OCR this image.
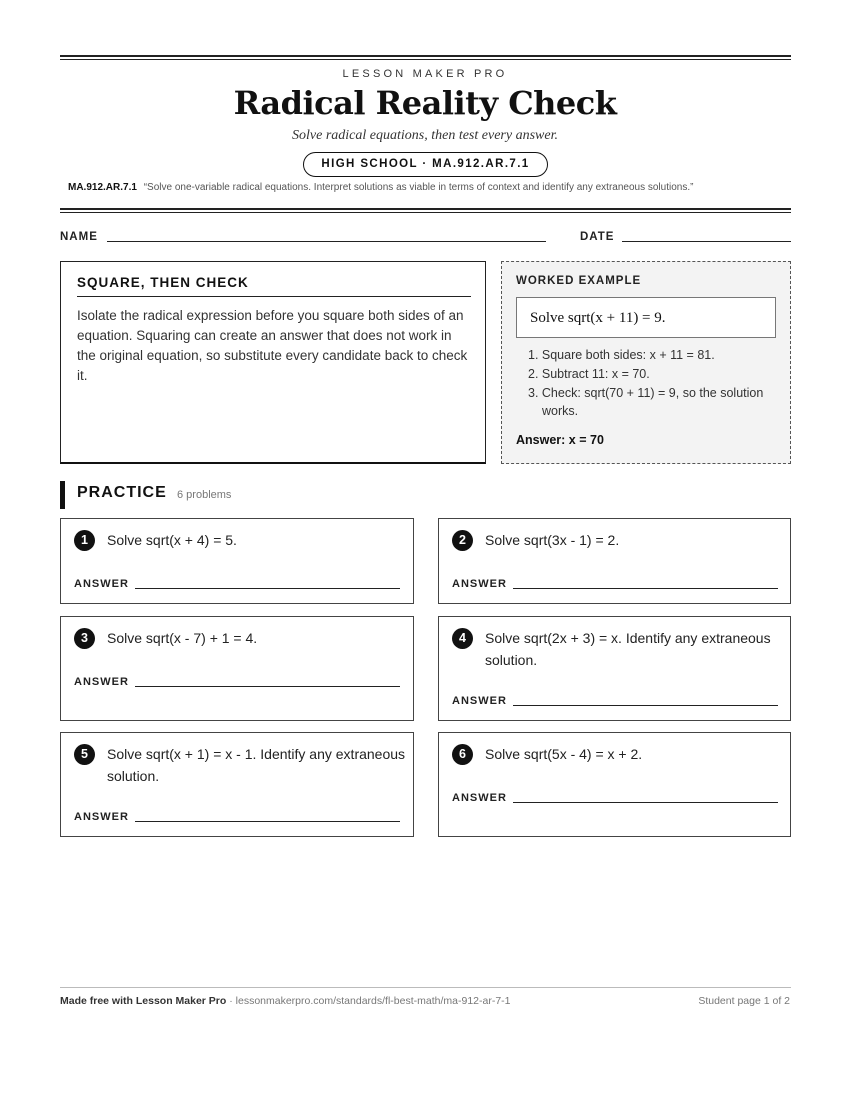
LESSON MAKER PRO
Radical Reality Check
Solve radical equations, then test every answer.
HIGH SCHOOL · MA.912.AR.7.1
MA.912.AR.7.1 “Solve one-variable radical equations. Interpret solutions as viable in terms of context and identify any extraneous solutions.”
NAME	DATE
SQUARE, THEN CHECK

Isolate the radical expression before you square both sides of an equation. Squaring can create an answer that does not work in the original equation, so substitute every candidate back to check it.

WORKED EXAMPLE
Solve sqrt(x + 11) = 9.
1. Square both sides: x + 11 = 81.
2. Subtract 11: x = 70.
3. Check: sqrt(70 + 11) = 9, so the solution works.
Answer: x = 70
PRACTICE 6 problems
1	Solve sqrt(x + 4) = 5.
ANSWER
2	Solve sqrt(3x - 1) = 2.
ANSWER
3	Solve sqrt(x - 7) + 1 = 4.
ANSWER
4	Solve sqrt(2x + 3) = x. Identify any extraneous solution.
ANSWER
5	Solve sqrt(x + 1) = x - 1. Identify any extraneous solution.
ANSWER
6	Solve sqrt(5x - 4) = x + 2.
ANSWER
Made free with Lesson Maker Pro · lessonmakerpro.com/standards/fl-best-math/ma-912-ar-7-1	Student page 1 of 2
